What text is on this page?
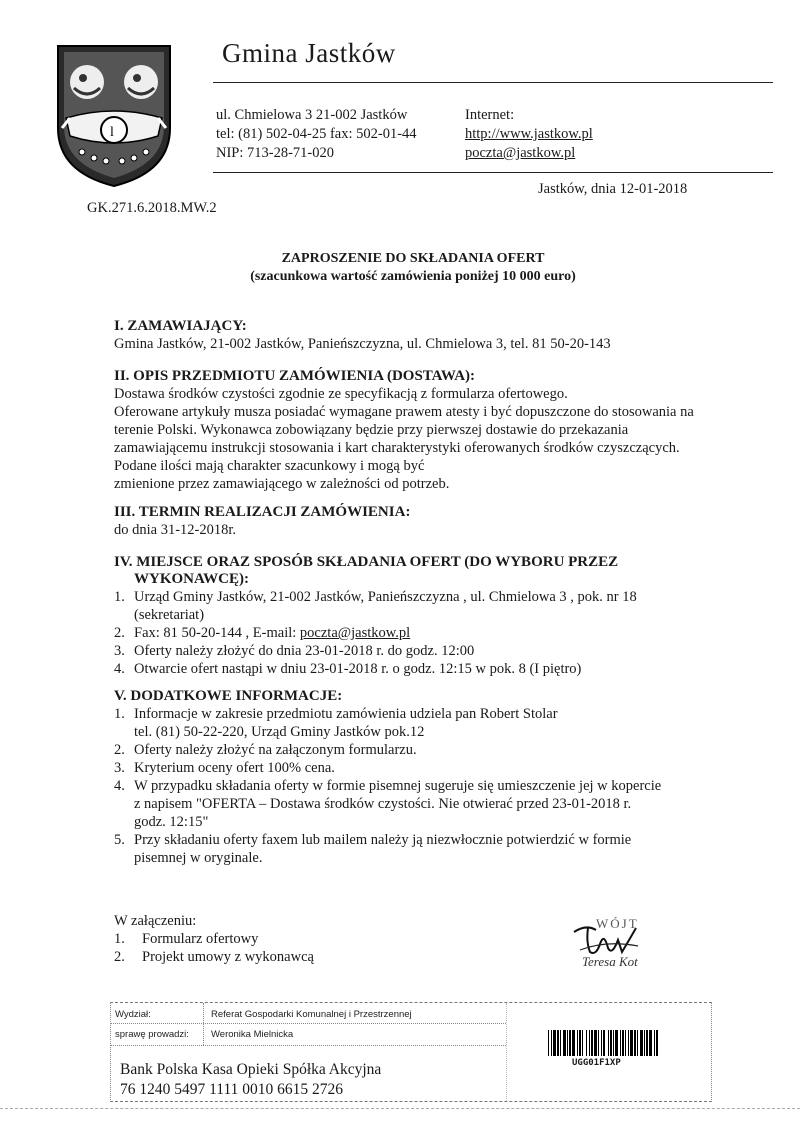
l
Gmina Jastków
ul. Chmielowa 3 21-002 Jastków
tel: (81) 502-04-25 fax: 502-01-44
NIP: 713-28-71-020
Internet:
http://www.jastkow.pl
poczta@jastkow.pl
Jastków, dnia 12-01-2018
GK.271.6.2018.MW.2
ZAPROSZENIE DO SKŁADANIA OFERT
(szacunkowa wartość zamówienia poniżej 10 000 euro)
I. ZAMAWIAJĄCY:
Gmina Jastków, 21-002 Jastków, Panieńszczyzna, ul. Chmielowa 3, tel. 81 50-20-143
II. OPIS PRZEDMIOTU ZAMÓWIENIA (DOSTAWA):
Dostawa środków czystości zgodnie ze specyfikacją z formularza ofertowego.
Oferowane artykuły musza posiadać wymagane prawem atesty i być dopuszczone do stosowania na
terenie Polski. Wykonawca zobowiązany będzie przy pierwszej dostawie do przekazania
zamawiającemu instrukcji stosowania i kart charakterystyki oferowanych środków czyszczących.
Podane ilości mają charakter szacunkowy i mogą być
zmienione przez zamawiającego w zależności od potrzeb.
III. TERMIN REALIZACJI ZAMÓWIENIA:
do dnia 31-12-2018r.
IV. MIEJSCE ORAZ SPOSÓB SKŁADANIA OFERT (DO WYBORU PRZEZ
WYKONAWCĘ):
1. Urząd Gminy Jastków, 21-002 Jastków, Panieńszczyzna , ul. Chmielowa 3 , pok. nr 18
(sekretariat)
2. Fax: 81 50-20-144 , E-mail: poczta@jastkow.pl
3. Oferty należy złożyć do dnia 23-01-2018 r. do godz. 12:00
4. Otwarcie ofert nastąpi w dniu 23-01-2018 r. o godz. 12:15 w pok. 8 (I piętro)
V. DODATKOWE INFORMACJE:
1. Informacje w zakresie przedmiotu zamówienia udziela pan Robert Stolar
tel. (81) 50-22-220, Urząd Gminy Jastków pok.12
2. Oferty należy złożyć na załączonym formularzu.
3. Kryterium oceny ofert 100% cena.
4. W przypadku składania oferty w formie pisemnej sugeruje się umieszczenie jej w kopercie
z napisem "OFERTA – Dostawa środków czystości. Nie otwierać przed 23-01-2018 r.
godz. 12:15"
5. Przy składaniu oferty faxem lub mailem należy ją niezwłocznie potwierdzić w formie
pisemnej w oryginale.
W załączeniu:
1.	Formularz ofertowy
2.	Projekt umowy z wykonawcą
WÓJT
Teresa Kot
Wydział:	Referat Gospodarki Komunalnej i Przestrzennej
sprawę prowadzi: Weronika Mielnicka
UGG01F1XP
Bank Polska Kasa Opieki Spółka Akcyjna
76 1240 5497 1111 0010 6615 2726
